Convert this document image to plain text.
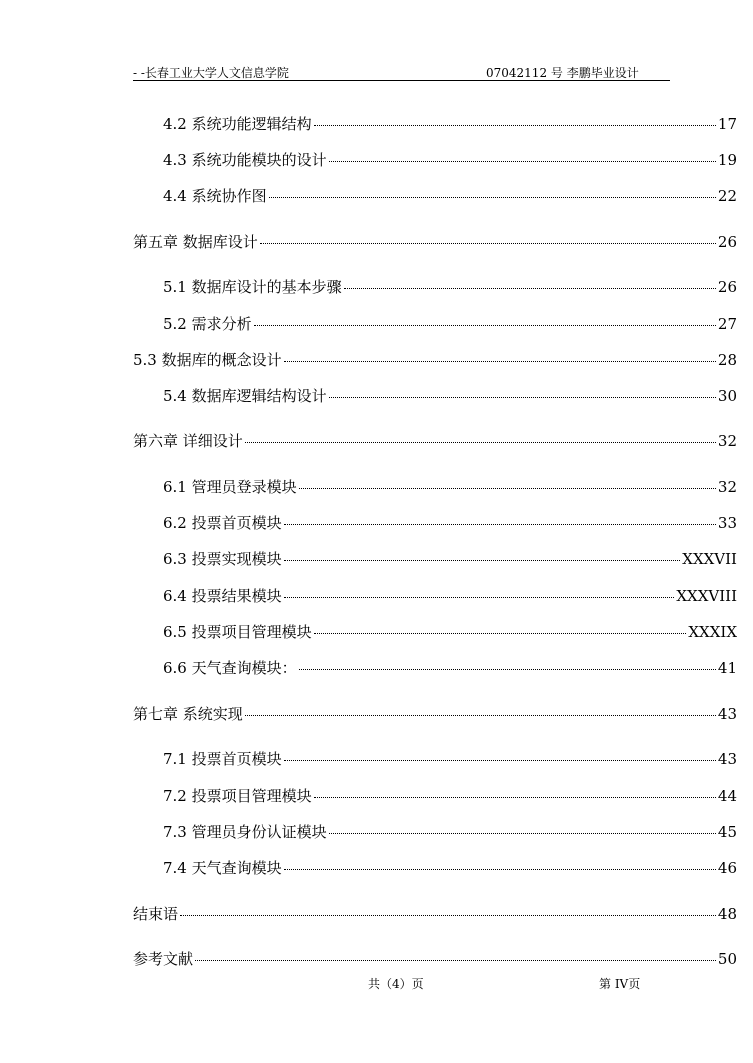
- -长春工业大学人文信息学院	07042112 号 李鹏毕业设计
4.2 系统功能逻辑结构	17
4.3 系统功能模块的设计	19
4.4 系统协作图	22
第五章 数据库设计	26
5.1 数据库设计的基本步骤	26
5.2 需求分析	27
5.3 数据库的概念设计	28
5.4 数据库逻辑结构设计	30
第六章 详细设计	32
6.1 管理员登录模块	32
6.2 投票首页模块	33
6.3 投票实现模块	XXXVII
6.4 投票结果模块	XXXVIII
6.5 投票项目管理模块	XXXIX
6.6 天气查询模块：	41
第七章 系统实现	43
7.1 投票首页模块	43
7.2 投票项目管理模块	44
7.3 管理员身份认证模块	45
7.4 天气查询模块	46
结束语	48
参考文献	50
共（4）页	第 IV页
